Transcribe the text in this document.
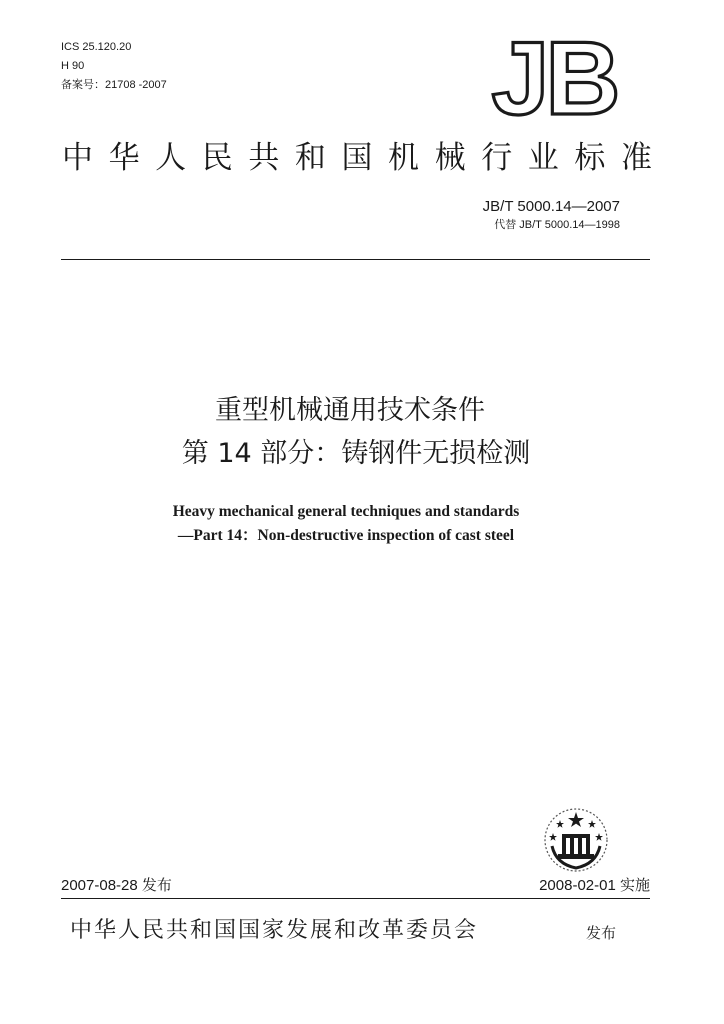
ICS 25.120.20
H 90
备案号：21708 -2007	JB
中 华 人 民 共 和 国 机 械 行 业 标 准
JB/T 5000.14—2007
代替 JB/T 5000.14—1998
重型机械通用技术条件
第 14 部分：铸钢件无损检测
Heavy mechanical general techniques and standards
—Part 14：Non-destructive inspection of cast steel
2007-08-28 发布	2008-02-01 实施
中华人民共和国国家发展和改革委员会	发布
